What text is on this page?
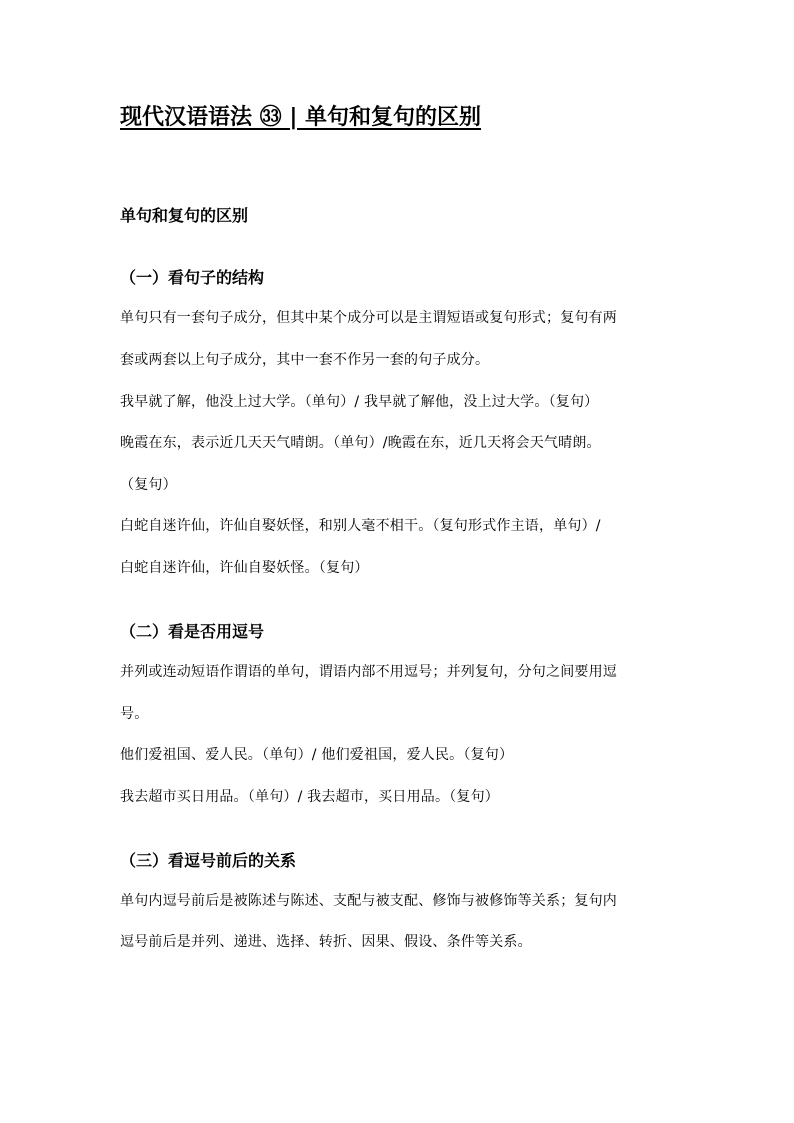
现代汉语语法 ㉝ | 单句和复句的区别
单句和复句的区别
（一）看句子的结构

单句只有一套句子成分，但其中某个成分可以是主谓短语或复句形式；复句有两

套或两套以上句子成分，其中一套不作另一套的句子成分。

我早就了解，他没上过大学。（单句）/ 我早就了解他，没上过大学。（复句）

晚霞在东，表示近几天天气晴朗。（单句）/晚霞在东，近几天将会天气晴朗。

（复句）

白蛇自迷许仙，许仙自娶妖怪，和别人毫不相干。（复句形式作主语，单句）/

白蛇自迷许仙，许仙自娶妖怪。（复句）

（二）看是否用逗号

并列或连动短语作谓语的单句，谓语内部不用逗号；并列复句，分句之间要用逗

号。

他们爱祖国、爱人民。（单句）/ 他们爱祖国，爱人民。（复句）

我去超市买日用品。（单句）/ 我去超市，买日用品。（复句）

（三）看逗号前后的关系

单句内逗号前后是被陈述与陈述、支配与被支配、修饰与被修饰等关系；复句内

逗号前后是并列、递进、选择、转折、因果、假设、条件等关系。
